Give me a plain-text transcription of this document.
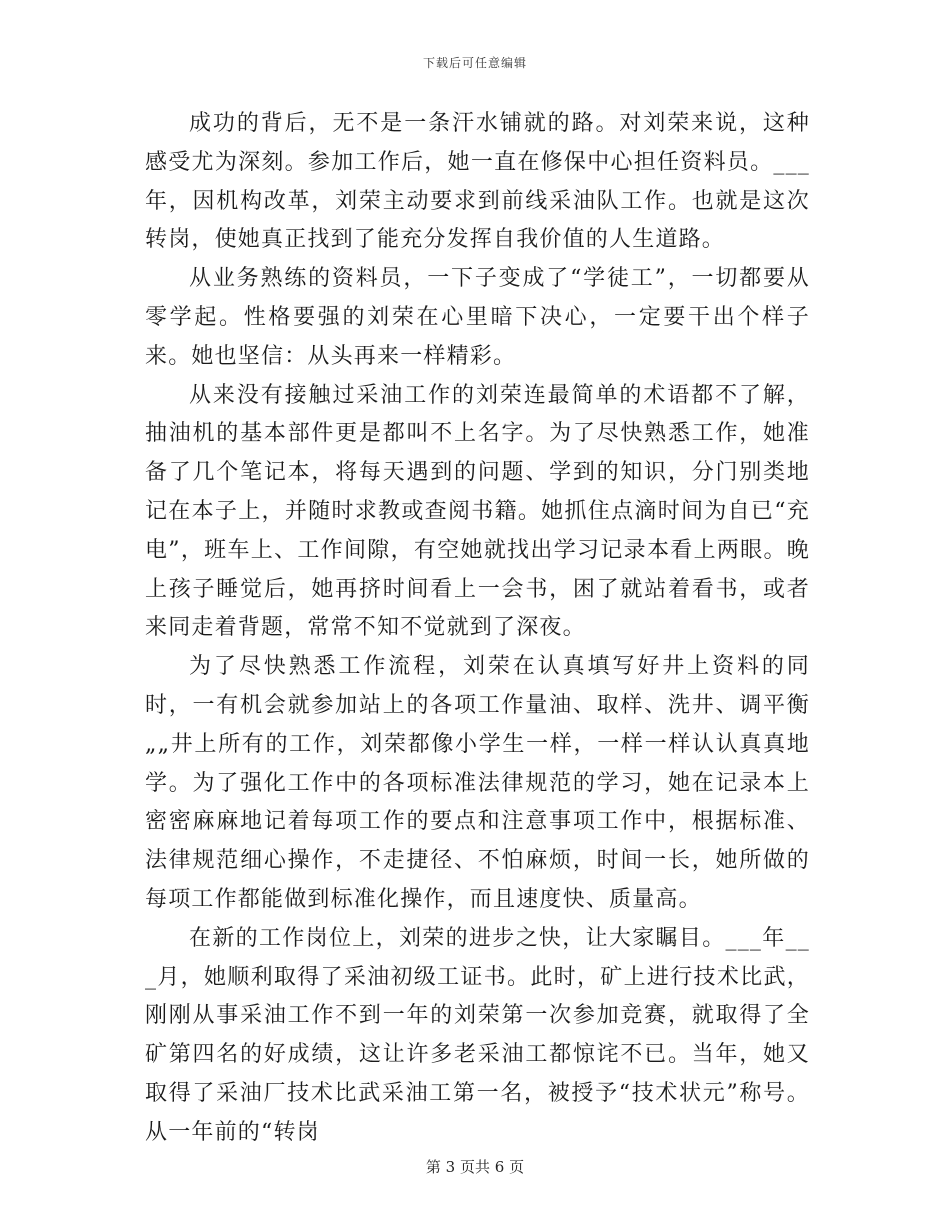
下载后可任意编辑

成功的背后，无不是一条汗水铺就的路。对刘荣来说，这种感受尤为深刻。参加工作后，她一直在修保中心担任资料员。___年，因机构改革，刘荣主动要求到前线采油队工作。也就是这次转岗，使她真正找到了能充分发挥自我价值的人生道路。

从业务熟练的资料员，一下子变成了“学徒工”，一切都要从零学起。性格要强的刘荣在心里暗下决心，一定要干出个样子来。她也坚信：从头再来一样精彩。

从来没有接触过采油工作的刘荣连最简单的术语都不了解，抽油机的基本部件更是都叫不上名字。为了尽快熟悉工作，她准备了几个笔记本，将每天遇到的问题、学到的知识，分门别类地记在本子上，并随时求教或查阅书籍。她抓住点滴时间为自已“充电”，班车上、工作间隙，有空她就找出学习记录本看上两眼。晚上孩子睡觉后，她再挤时间看上一会书，困了就站着看书，或者来同走着背题，常常不知不觉就到了深夜。

为了尽快熟悉工作流程，刘荣在认真填写好井上资料的同时，一有机会就参加站上的各项工作量油、取样、洗井、调平衡„„井上所有的工作，刘荣都像小学生一样，一样一样认认真真地学。为了强化工作中的各项标准法律规范的学习，她在记录本上密密麻麻地记着每项工作的要点和注意事项工作中，根据标准、法律规范细心操作，不走捷径、不怕麻烦，时间一长，她所做的每项工作都能做到标准化操作，而且速度快、质量高。

在新的工作岗位上，刘荣的进步之快，让大家瞩目。___年___月，她顺利取得了采油初级工证书。此时，矿上进行技术比武，刚刚从事采油工作不到一年的刘荣第一次参加竞赛，就取得了全矿第四名的好成绩，这让许多老采油工都惊诧不已。当年，她又取得了采油厂技术比武采油工第一名，被授予“技术状元”称号。从一年前的“转岗

第 3 页共 6 页
